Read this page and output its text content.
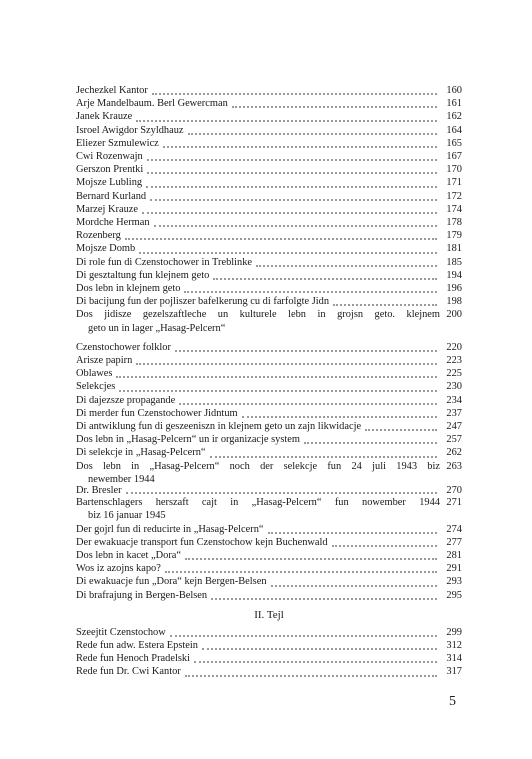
Jechezkel Kantor	160
Arje Mandelbaum. Berl Gewercman	161
Janek Krauze	162
Isroel Awigdor Szyldhauz	164
Eliezer Szmulewicz	165
Cwi Rozenwajn	167
Gerszon Prentki	170
Mojsze Lubling	171
Bernard Kurland	172
Marzej Krauze	174
Mordche Herman	178
Rozenberg	179
Mojsze Domb	181
Di role fun di Czenstochower in Treblinke	185
Di gesztaltung fun klejnem geto	194
Dos lebn in klejnem geto	196
Di bacijung fun der pojliszer bafelkerung cu di farfolgte Jidn	198
Dos jidisze gezelszaftleche un kulturele lebn in grojsn geto. klejnem 200
geto un in lager „Hasag-Pelcern“
Czenstochower folklor	220
Arisze papirn	223
Oblawes	225
Selekcjes	230
Di dajezsze propagande	234
Di merder fun Czenstochower Jidntum	237
Di antwiklung fun di geszeeniszn in klejnem geto un zajn likwidacje	247
Dos lebn in „Hasag-Pelcern“ un ir organizacje system	257
Di selekcje in „Hasag-Pelcern“	262
Dos lebn in „Hasag-Pelcern“ noch der selekcje fun 24 juli 1943 biz 263
newember 1944
Dr. Bresler	270
Bartenschlagers herszaft cajt in „Hasag-Pelcern“ fun nowember 1944 271
biz 16 januar 1945
Der gojrl fun di reducirte in „Hasag-Pelcern“	274
Der ewakuacje transport fun Czenstochow kejn Buchenwald	277
Dos lebn in kacet „Dora“	281
Wos iz azojns kapo?	291
Di ewakuacje fun „Dora“ kejn Bergen-Belsen	293
Di brafrajung in Bergen-Belsen	295
II. Tejl
Szeejtit Czenstochow	299
Rede fun adw. Estera Epstein	312
Rede fun Henoch Pradelski	314
Rede fun Dr. Cwi Kantor	317
5
